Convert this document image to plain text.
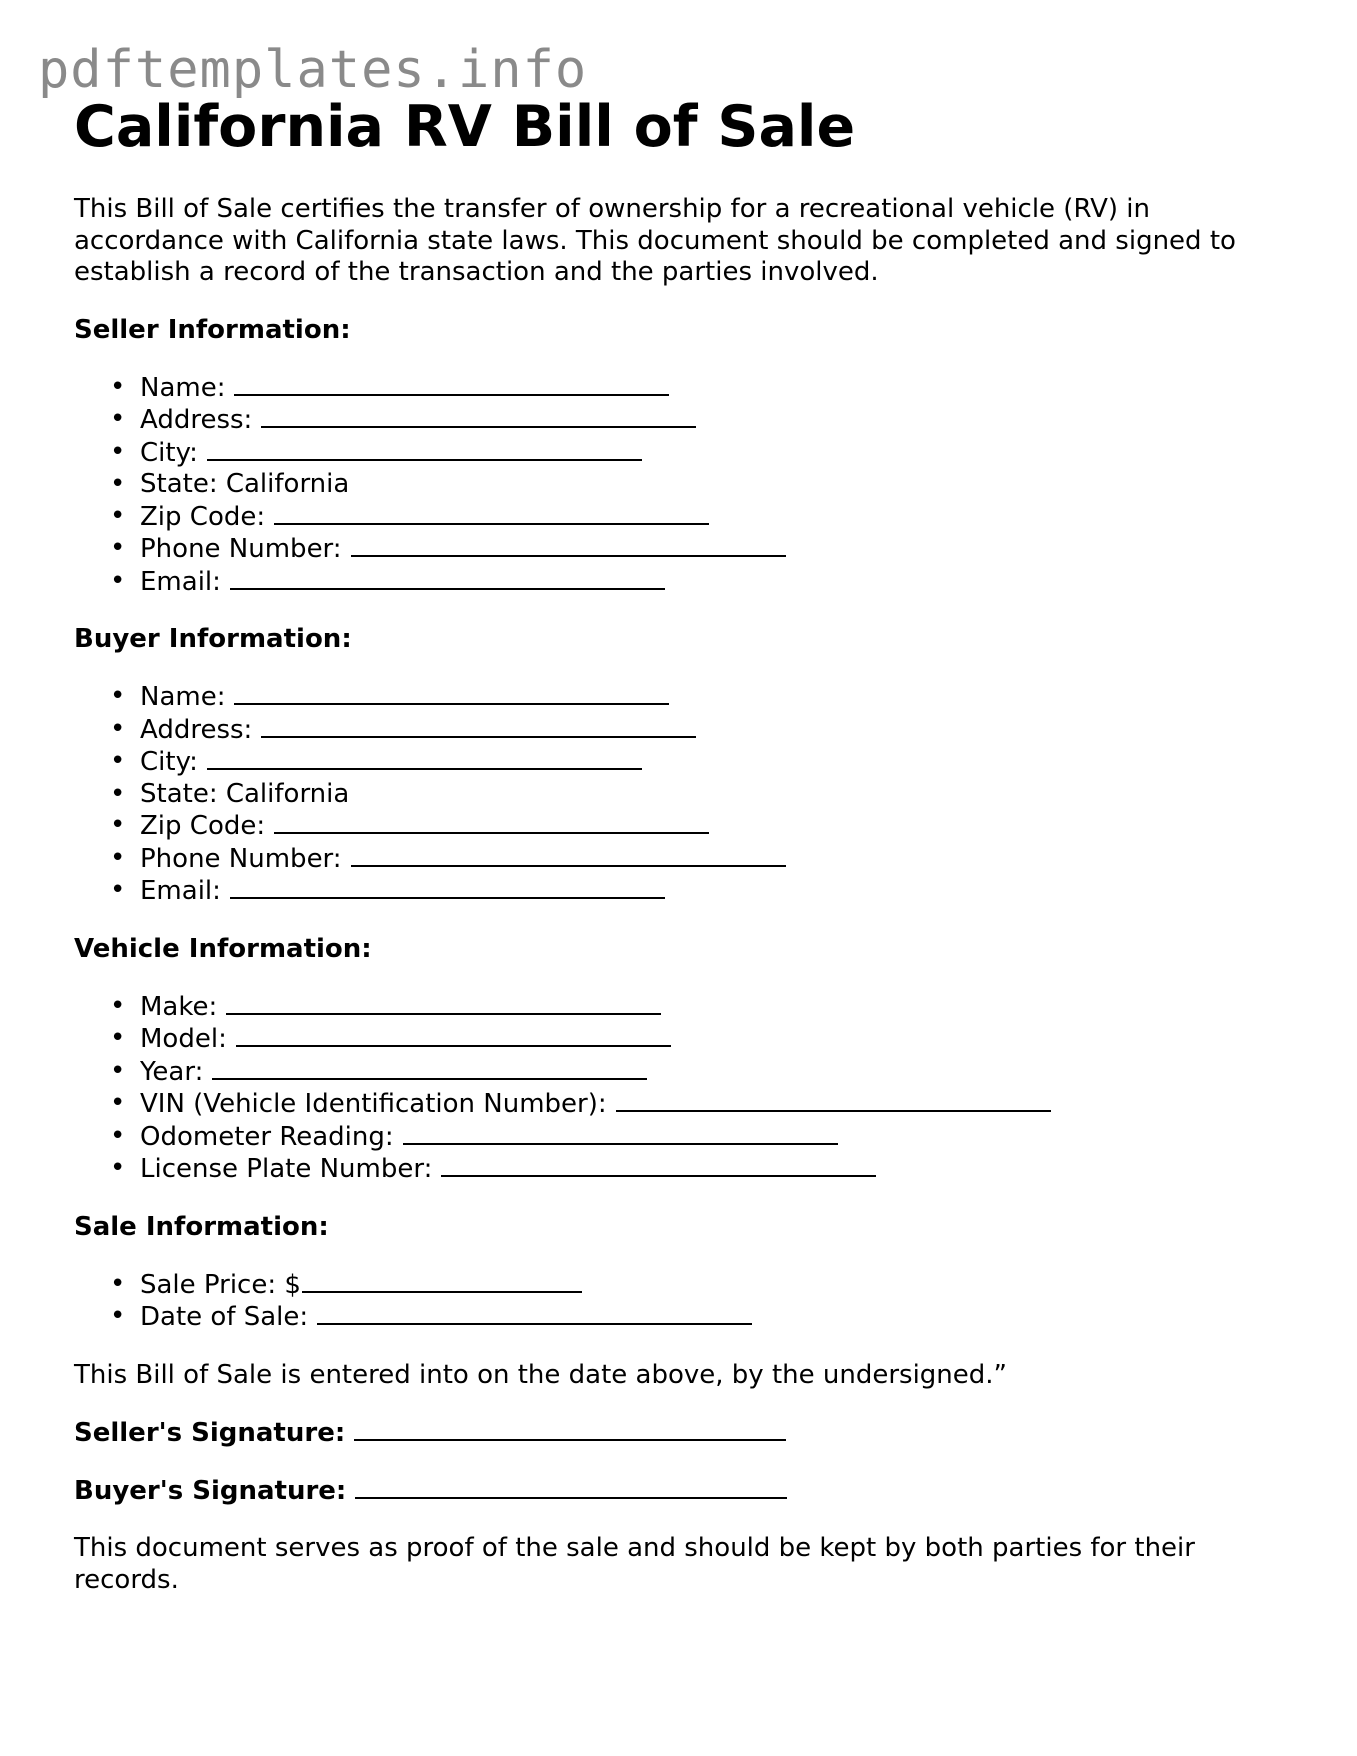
pdftemplates.info
California RV Bill of Sale

This Bill of Sale certifies the transfer of ownership for a recreational vehicle (RV) in accordance with California state laws. This document should be completed and signed to establish a record of the transaction and the parties involved.

Seller Information:
• Name:
• Address:
• City:
• State: California
• Zip Code:
• Phone Number:
• Email:
Buyer Information:
• Name:
• Address:
• City:
• State: California
• Zip Code:
• Phone Number:
• Email:
Vehicle Information:
• Make:
• Model:
• Year:
• VIN (Vehicle Identification Number):
• Odometer Reading:
• License Plate Number:
Sale Information:
• Sale Price: $
• Date of Sale:

This Bill of Sale is entered into on the date above, by the undersigned.”

Seller's Signature:
Buyer's Signature:

This document serves as proof of the sale and should be kept by both parties for their records.
